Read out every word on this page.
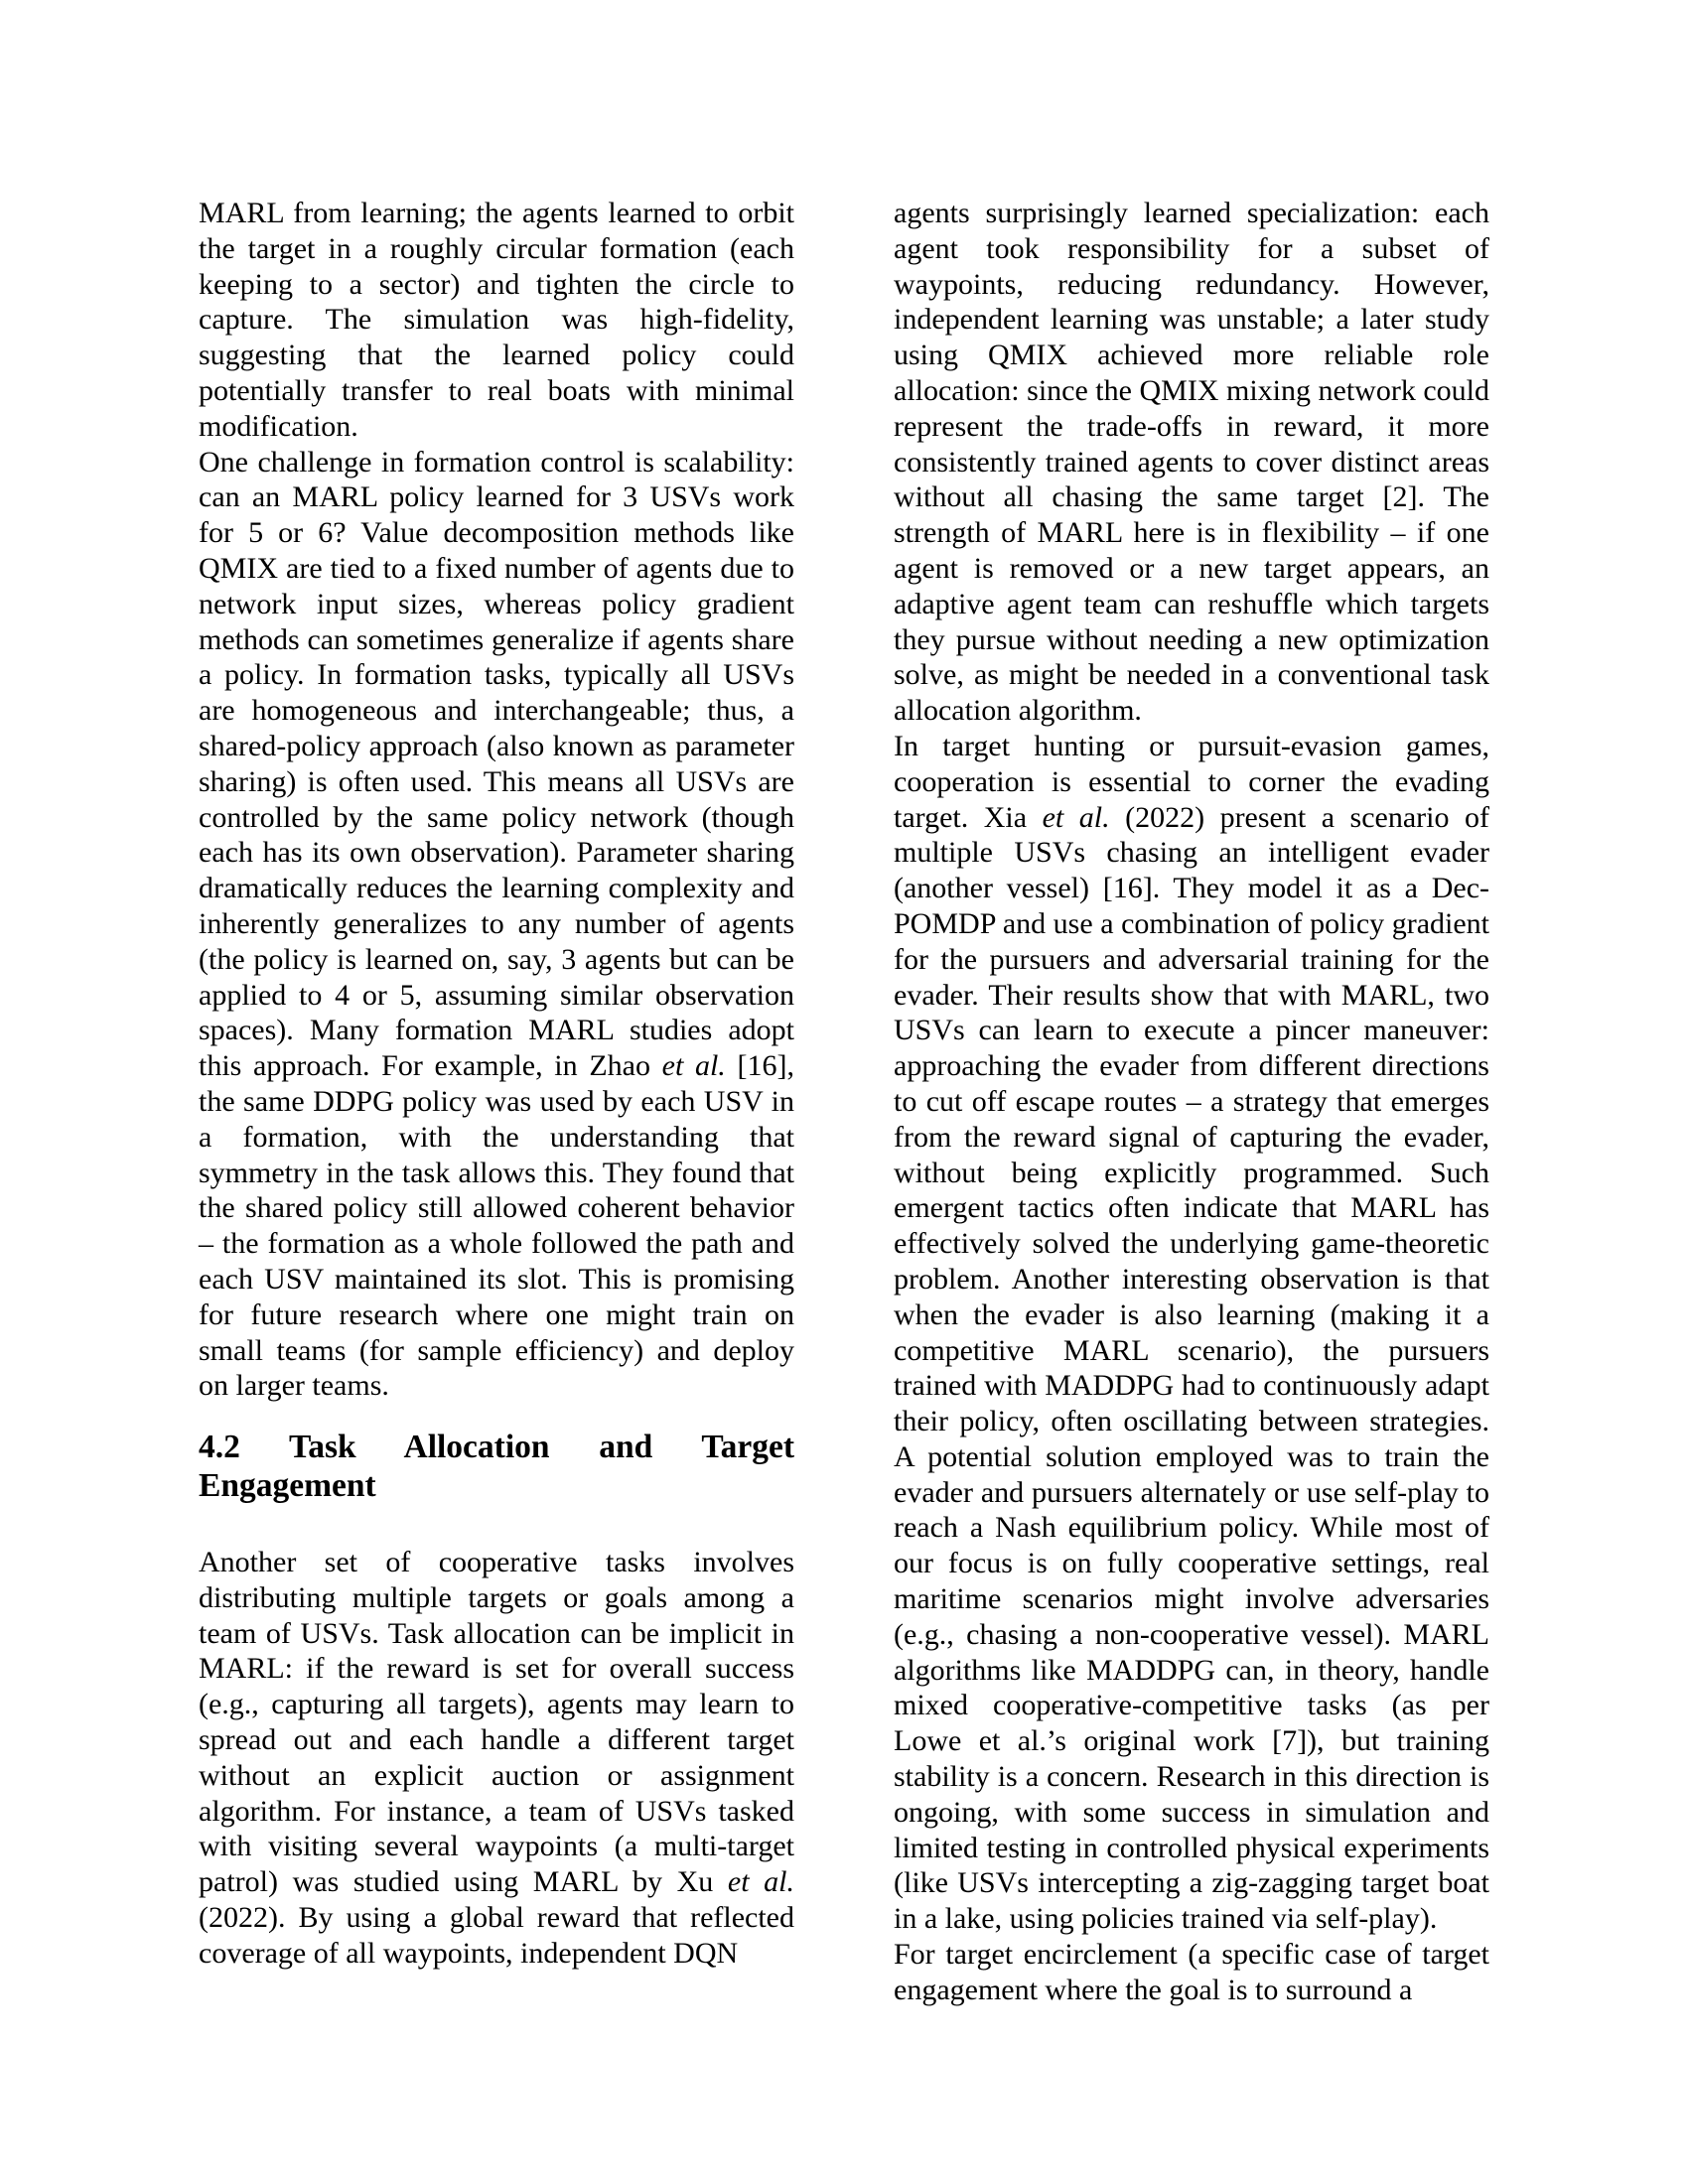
MARL from learning; the agents learned to orbit the target in a roughly circular formation (each keeping to a sector) and tighten the circle to capture. The simulation was high-fidelity, suggesting that the learned policy could potentially transfer to real boats with minimal modification.

One challenge in formation control is scalability: can an MARL policy learned for 3 USVs work for 5 or 6? Value decomposition methods like QMIX are tied to a fixed number of agents due to network input sizes, whereas policy gradient methods can sometimes generalize if agents share a policy. In formation tasks, typically all USVs are homogeneous and interchangeable; thus, a shared-policy approach (also known as parameter sharing) is often used. This means all USVs are controlled by the same policy network (though each has its own observation). Parameter sharing dramatically reduces the learning complexity and inherently generalizes to any number of agents (the policy is learned on, say, 3 agents but can be applied to 4 or 5, assuming similar observation spaces). Many formation MARL studies adopt this approach. For example, in Zhao et al. [16], the same DDPG policy was used by each USV in a formation, with the understanding that symmetry in the task allows this. They found that the shared policy still allowed coherent behavior – the formation as a whole followed the path and each USV maintained its slot. This is promising for future research where one might train on small teams (for sample efficiency) and deploy on larger teams.

4.2 Task Allocation and Target Engagement

Another set of cooperative tasks involves distributing multiple targets or goals among a team of USVs. Task allocation can be implicit in MARL: if the reward is set for overall success (e.g., capturing all targets), agents may learn to spread out and each handle a different target without an explicit auction or assignment algorithm. For instance, a team of USVs tasked with visiting several waypoints (a multi-target patrol) was studied using MARL by Xu et al. (2022). By using a global reward that reflected coverage of all waypoints, independent DQN

agents surprisingly learned specialization: each agent took responsibility for a subset of waypoints, reducing redundancy. However, independent learning was unstable; a later study using QMIX achieved more reliable role allocation: since the QMIX mixing network could represent the trade-offs in reward, it more consistently trained agents to cover distinct areas without all chasing the same target [2]. The strength of MARL here is in flexibility – if one agent is removed or a new target appears, an adaptive agent team can reshuffle which targets they pursue without needing a new optimization solve, as might be needed in a conventional task allocation algorithm.

In target hunting or pursuit-evasion games, cooperation is essential to corner the evading target. Xia et al. (2022) present a scenario of multiple USVs chasing an intelligent evader (another vessel) [16]. They model it as a Dec-POMDP and use a combination of policy gradient for the pursuers and adversarial training for the evader. Their results show that with MARL, two USVs can learn to execute a pincer maneuver: approaching the evader from different directions to cut off escape routes – a strategy that emerges from the reward signal of capturing the evader, without being explicitly programmed. Such emergent tactics often indicate that MARL has effectively solved the underlying game-theoretic problem. Another interesting observation is that when the evader is also learning (making it a competitive MARL scenario), the pursuers trained with MADDPG had to continuously adapt their policy, often oscillating between strategies. A potential solution employed was to train the evader and pursuers alternately or use self-play to reach a Nash equilibrium policy. While most of our focus is on fully cooperative settings, real maritime scenarios might involve adversaries (e.g., chasing a non-cooperative vessel). MARL algorithms like MADDPG can, in theory, handle mixed cooperative-competitive tasks (as per Lowe et al.’s original work [7]), but training stability is a concern. Research in this direction is ongoing, with some success in simulation and limited testing in controlled physical experiments (like USVs intercepting a zig-zagging target boat in a lake, using policies trained via self-play).

For target encirclement (a specific case of target engagement where the goal is to surround a
